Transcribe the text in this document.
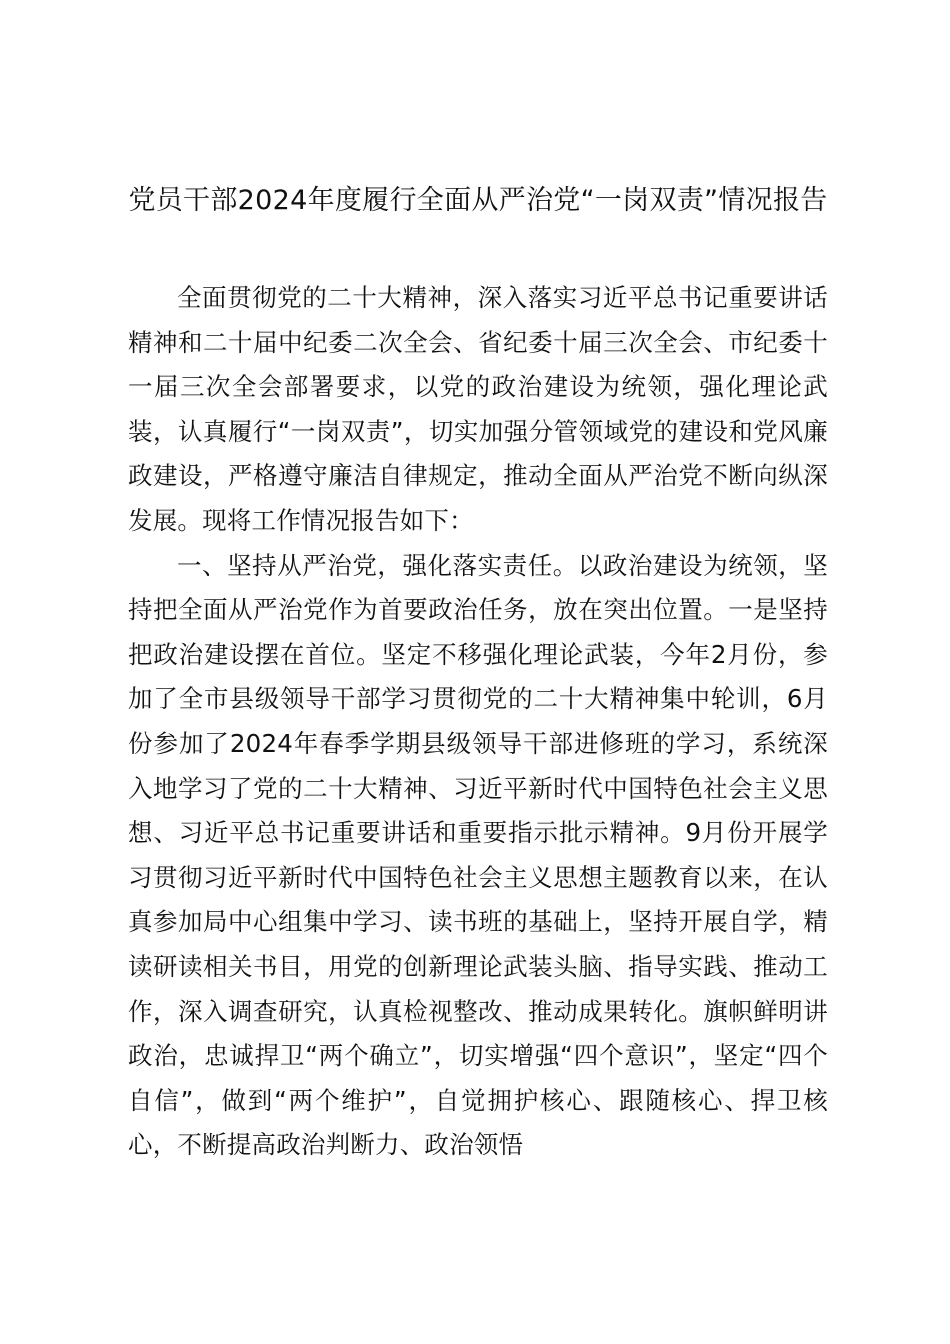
党员干部2024年度履行全面从严治党“一岗双责”情况报告

全面贯彻党的二十大精神，深入落实习近平总书记重要讲话精神和二十届中纪委二次全会、省纪委十届三次全会、市纪委十一届三次全会部署要求，以党的政治建设为统领，强化理论武装，认真履行“一岗双责”，切实加强分管领域党的建设和党风廉政建设，严格遵守廉洁自律规定，推动全面从严治党不断向纵深发展。现将工作情况报告如下：

一、坚持从严治党，强化落实责任。以政治建设为统领，坚持把全面从严治党作为首要政治任务，放在突出位置。一是坚持把政治建设摆在首位。坚定不移强化理论武装，今年2月份，参加了全市县级领导干部学习贯彻党的二十大精神集中轮训，6月份参加了2024年春季学期县级领导干部进修班的学习，系统深入地学习了党的二十大精神、习近平新时代中国特色社会主义思想、习近平总书记重要讲话和重要指示批示精神。9月份开展学习贯彻习近平新时代中国特色社会主义思想主题教育以来，在认真参加局中心组集中学习、读书班的基础上，坚持开展自学，精读研读相关书目，用党的创新理论武装头脑、指导实践、推动工作，深入调查研究，认真检视整改、推动成果转化。旗帜鲜明讲政治，忠诚捍卫“两个确立”，切实增强“四个意识”，坚定“四个自信”，做到“两个维护”，自觉拥护核心、跟随核心、捍卫核心，不断提高政治判断力、政治领悟
